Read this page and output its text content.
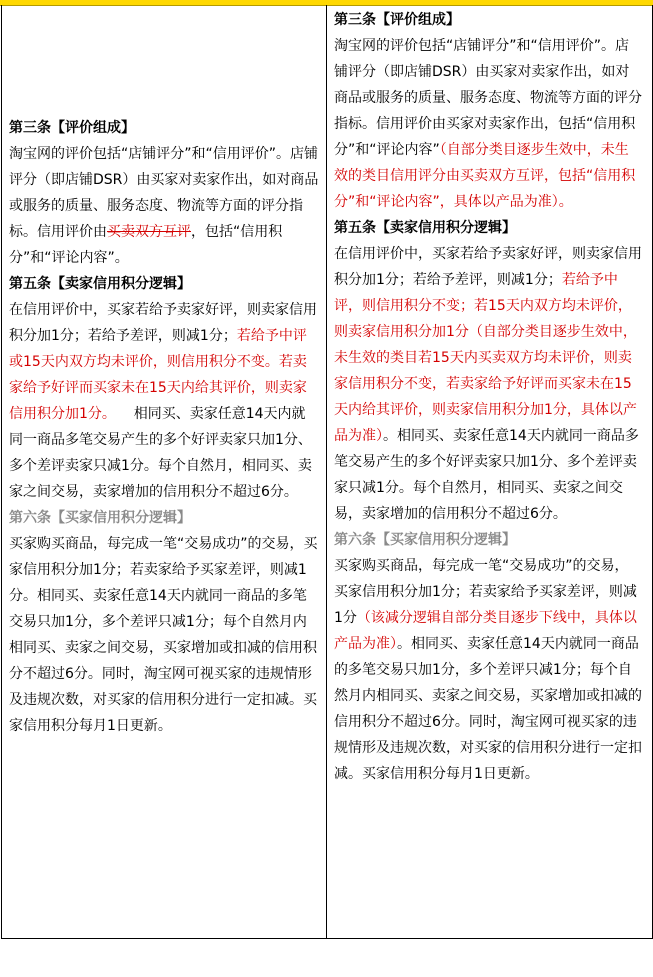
第三条【评价组成】

淘宝网的评价包括“店铺评分”和“信用评价”。店铺评分（即店铺DSR）由买家对卖家作出，如对商品或服务的质量、服务态度、物流等方面的评分指标。信用评价由买卖双方互评，包括“信用积分”和“评论内容”。

第五条【卖家信用积分逻辑】

在信用评价中，买家若给予卖家好评，则卖家信用积分加1分；若给予差评，则减1分；若给予中评或15天内双方均未评价，则信用积分不变。若卖家给予好评而买家未在15天内给其评价，则卖家信用积分加1分。    相同买、卖家任意14天内就同一商品多笔交易产生的多个好评卖家只加1分、多个差评卖家只减1分。每个自然月，相同买、卖家之间交易，卖家增加的信用积分不超过6分。

第六条【买家信用积分逻辑】

买家购买商品，每完成一笔“交易成功”的交易，买家信用积分加1分；若卖家给予买家差评，则减1分。相同买、卖家任意14天内就同一商品的多笔交易只加1分，多个差评只减1分；每个自然月内相同买、卖家之间交易，买家增加或扣减的信用积分不超过6分。同时，淘宝网可视买家的违规情形及违规次数，对买家的信用积分进行一定扣减。买家信用积分每月1日更新。

第三条【评价组成】

淘宝网的评价包括“店铺评分”和“信用评价”。店铺评分（即店铺DSR）由买家对卖家作出，如对商品或服务的质量、服务态度、物流等方面的评分指标。信用评价由买家对卖家作出，包括“信用积分”和“评论内容”（自部分类目逐步生效中，未生效的类目信用评分由买卖双方互评，包括“信用积分”和“评论内容”，具体以产品为准）。

第五条【卖家信用积分逻辑】

在信用评价中，买家若给予卖家好评，则卖家信用积分加1分；若给予差评，则减1分；若给予中评，则信用积分不变；若15天内双方均未评价，则卖家信用积分加1分（自部分类目逐步生效中，未生效的类目若15天内买卖双方均未评价，则卖家信用积分不变，若卖家给予好评而买家未在15天内给其评价，则卖家信用积分加1分，具体以产品为准）。相同买、卖家任意14天内就同一商品多笔交易产生的多个好评卖家只加1分、多个差评卖家只减1分。每个自然月，相同买、卖家之间交易，卖家增加的信用积分不超过6分。

第六条【买家信用积分逻辑】

买家购买商品，每完成一笔“交易成功”的交易，买家信用积分加1分；若卖家给予买家差评，则减1分（该减分逻辑自部分类目逐步下线中，具体以产品为准）。相同买、卖家任意14天内就同一商品的多笔交易只加1分，多个差评只减1分；每个自然月内相同买、卖家之间交易，买家增加或扣减的信用积分不超过6分。同时，淘宝网可视买家的违规情形及违规次数，对买家的信用积分进行一定扣减。买家信用积分每月1日更新。
